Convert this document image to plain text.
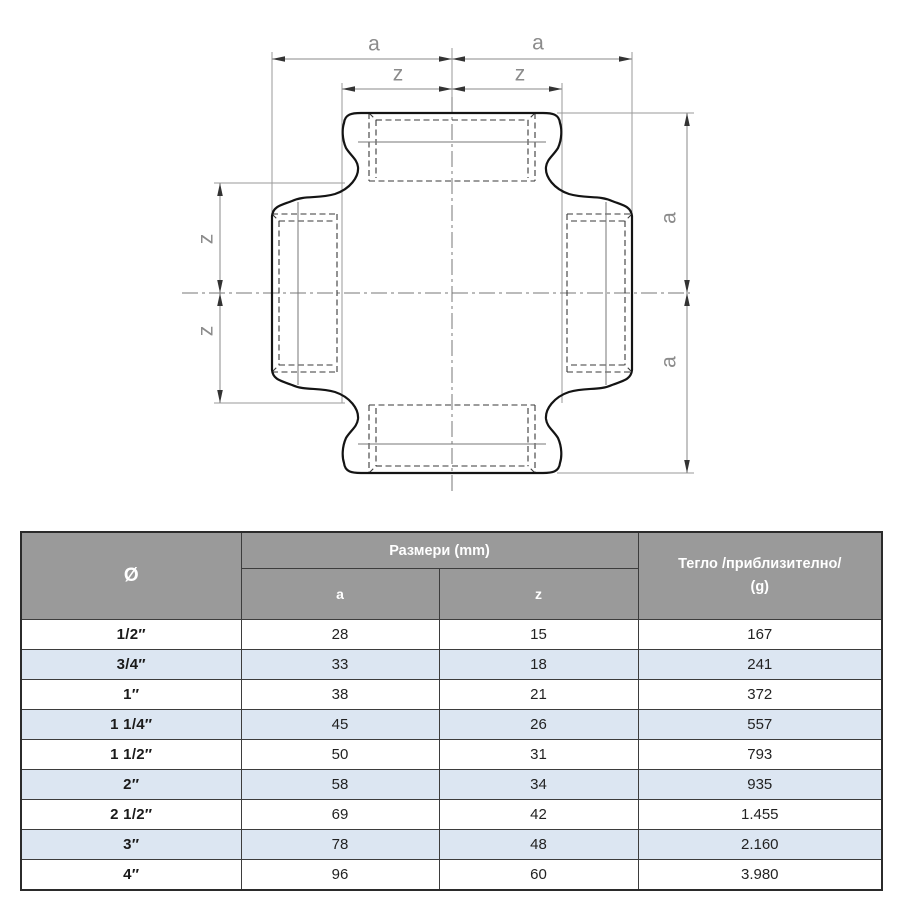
a	a
z	z
z
z
a
a
Ø	Размери (mm)		Тегло /приблизително/
(g)

	a	z	
1/2″	28	15	167
3/4″	33	18	241
1″	38	21	372
1 1/4″	45	26	557
1 1/2″	50	31	793
2″	58	34	935
2 1/2″	69	42	1.455
3″	78	48	2.160
4″	96	60	3.980
